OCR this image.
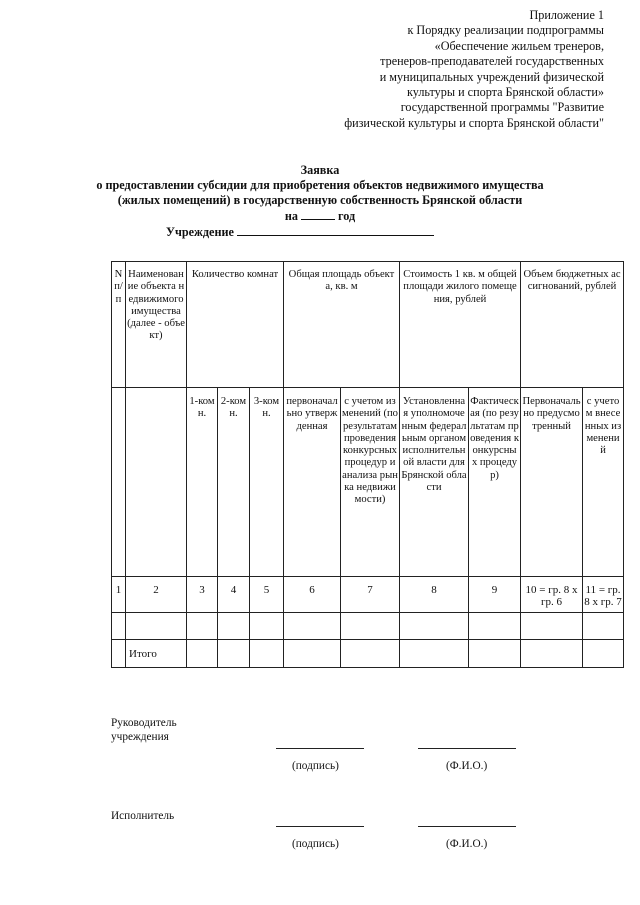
Приложение 1
к Порядку реализации подпрограммы
«Обеспечение жильем тренеров,
тренеров-преподавателей государственных
и муниципальных учреждений физической
культуры и спорта Брянской области»
государственной программы "Развитие
физической культуры и спорта Брянской области"
Заявка
о предоставлении субсидии для приобретения объектов недвижимого имущества
(жилых помещений) в государственную собственность Брянской области
на	год
Учреждение
N п/п	Наименование объекта недвижимого имущества (далее - объект)	Количество комнат			Общая площадь объекта, кв. м		Стоимость 1 кв. м общей площади жилого помещения, рублей		Объем бюджетных ассигнований, рублей	
		1-комн.	2-комн.	3-комн.	первоначально утвержденная	с учетом изменений (по результатам проведения конкурсных процедур и анализа рынка недвижимости)	Установленная уполномоченным федеральным органом исполнительной власти для Брянской области	Фактическая (по результатам проведения конкурсных процедур)	Первоначально предусмотренный	с учетом внесенных изменений
1	2	3	4	5	6	7	8	9	10 = гр. 8 х гр. 6	11 = гр. 8 х гр. 7

	Итого									
Руководитель учреждения
(подпись)	(Ф.И.О.)
Исполнитель
(подпись)	(Ф.И.О.)
